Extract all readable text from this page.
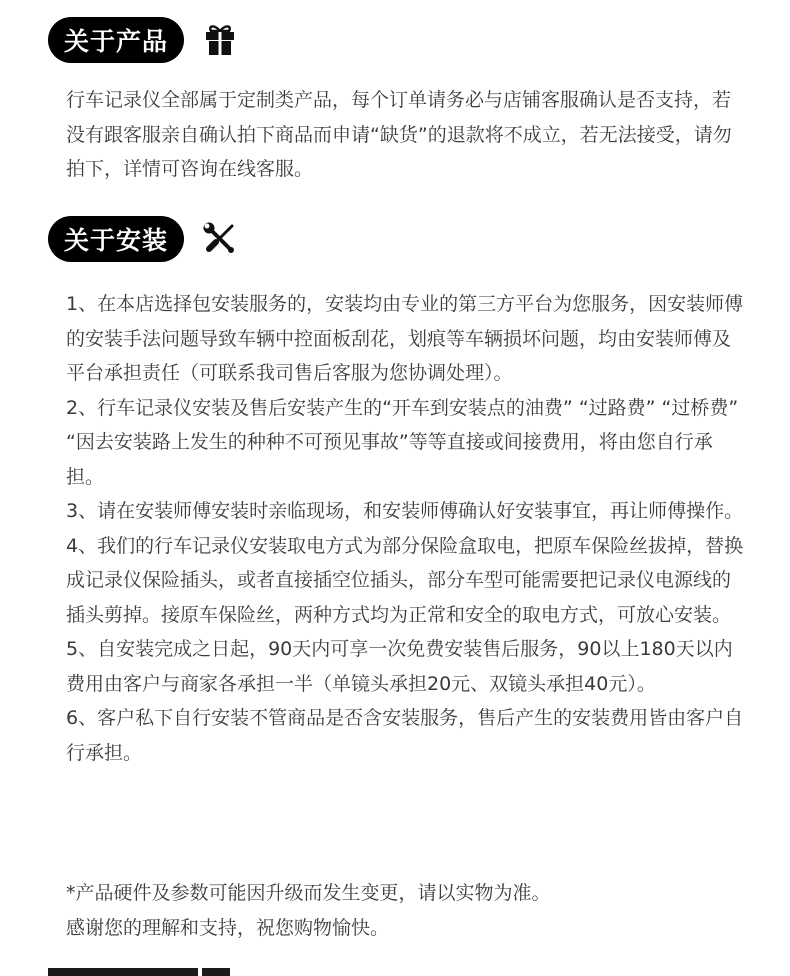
关于产品

行车记录仪全部属于定制类产品，每个订单请务必与店铺客服确认是否支持，若没有跟客服亲自确认拍下商品而申请“缺货”的退款将不成立，若无法接受，请勿拍下，详情可咨询在线客服。

关于安装

1、在本店选择包安装服务的，安装均由专业的第三方平台为您服务，因安装师傅的安装手法问题导致车辆中控面板刮花，划痕等车辆损坏问题，均由安装师傅及平台承担责任（可联系我司售后客服为您协调处理）。

2、行车记录仪安装及售后安装产生的“开车到安装点的油费” “过路费” “过桥费” “因去安装路上发生的种种不可预见事故”等等直接或间接费用，将由您自行承担。

3、请在安装师傅安装时亲临现场，和安装师傅确认好安装事宜，再让师傅操作。

4、我们的行车记录仪安装取电方式为部分保险盒取电，把原车保险丝拔掉，替换成记录仪保险插头，或者直接插空位插头，部分车型可能需要把记录仪电源线的插头剪掉。接原车保险丝，两种方式均为正常和安全的取电方式，可放心安装。

5、自安装完成之日起，90天内可享一次免费安装售后服务，90以上180天以内费用由客户与商家各承担一半（单镜头承担20元、双镜头承担40元）。

6、客户私下自行安装不管商品是否含安装服务，售后产生的安装费用皆由客户自行承担。

*产品硬件及参数可能因升级而发生变更，请以实物为准。

感谢您的理解和支持，祝您购物愉快。
